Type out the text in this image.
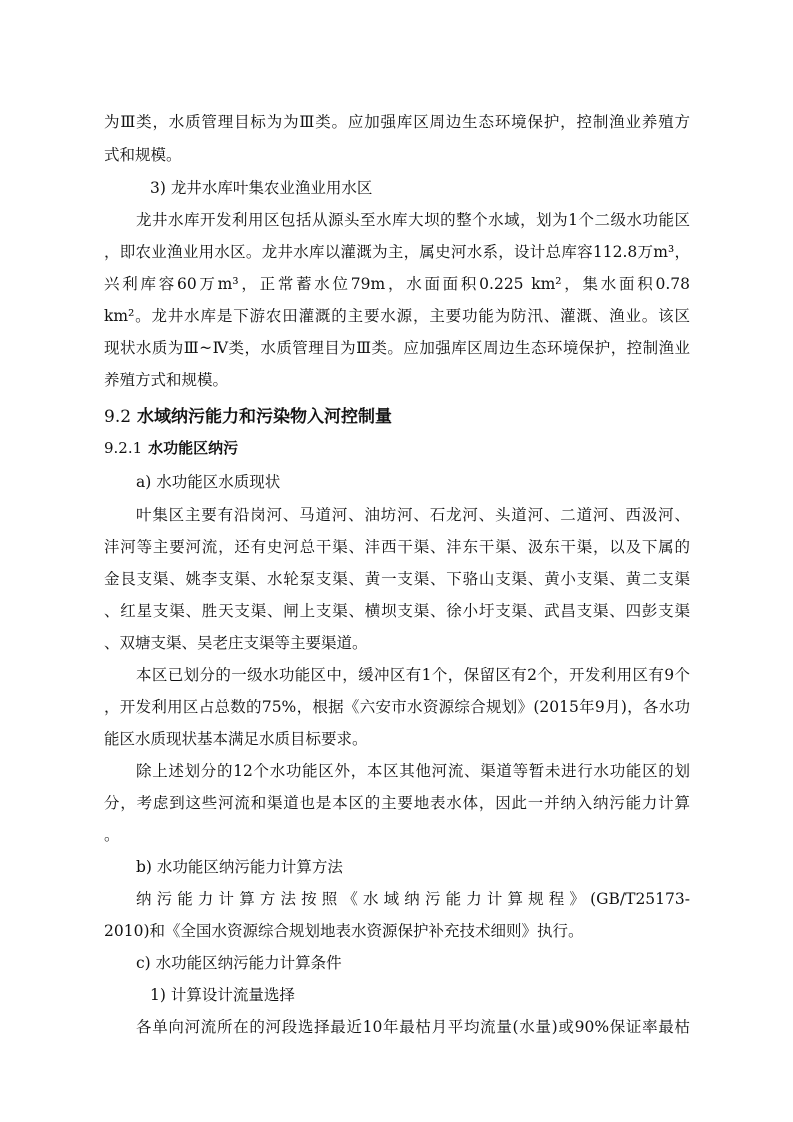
为Ⅲ类，水质管理目标为为Ⅲ类。应加强库区周边生态环境保护，控制渔业养殖方
式和规模。
3) 龙井水库叶集农业渔业用水区
龙井水库开发利用区包括从源头至水库大坝的整个水域，划为1个二级水功能区
，即农业渔业用水区。龙井水库以灌溉为主，属史河水系，设计总库容112.8万m³，
兴利库容60万m³，正常蓄水位79m，水面面积0.225 km²，集水面积0.78
km²。龙井水库是下游农田灌溉的主要水源，主要功能为防汛、灌溉、渔业。该区
现状水质为Ⅲ~Ⅳ类，水质管理目为Ⅲ类。应加强库区周边生态环境保护，控制渔业
养殖方式和规模。
9.2 水域纳污能力和污染物入河控制量
9.2.1 水功能区纳污
a) 水功能区水质现状
叶集区主要有沿岗河、马道河、油坊河、石龙河、头道河、二道河、西汲河、
沣河等主要河流，还有史河总干渠、沣西干渠、沣东干渠、汲东干渠，以及下属的
金艮支渠、姚李支渠、水轮泵支渠、黄一支渠、下骆山支渠、黄小支渠、黄二支渠
、红星支渠、胜天支渠、闸上支渠、横坝支渠、徐小圩支渠、武昌支渠、四彭支渠
、双塘支渠、吴老庄支渠等主要渠道。
本区已划分的一级水功能区中，缓冲区有1个，保留区有2个，开发利用区有9个
，开发利用区占总数的75%，根据《六安市水资源综合规划》(2015年9月)，各水功
能区水质现状基本满足水质目标要求。
除上述划分的12个水功能区外，本区其他河流、渠道等暂未进行水功能区的划
分，考虑到这些河流和渠道也是本区的主要地表水体，因此一并纳入纳污能力计算
。
b) 水功能区纳污能力计算方法
纳污能力计算方法按照《水域纳污能力计算规程》(GB/T25173-
2010)和《全国水资源综合规划地表水资源保护补充技术细则》执行。
c) 水功能区纳污能力计算条件
1) 计算设计流量选择
各单向河流所在的河段选择最近10年最枯月平均流量(水量)或90%保证率最枯
